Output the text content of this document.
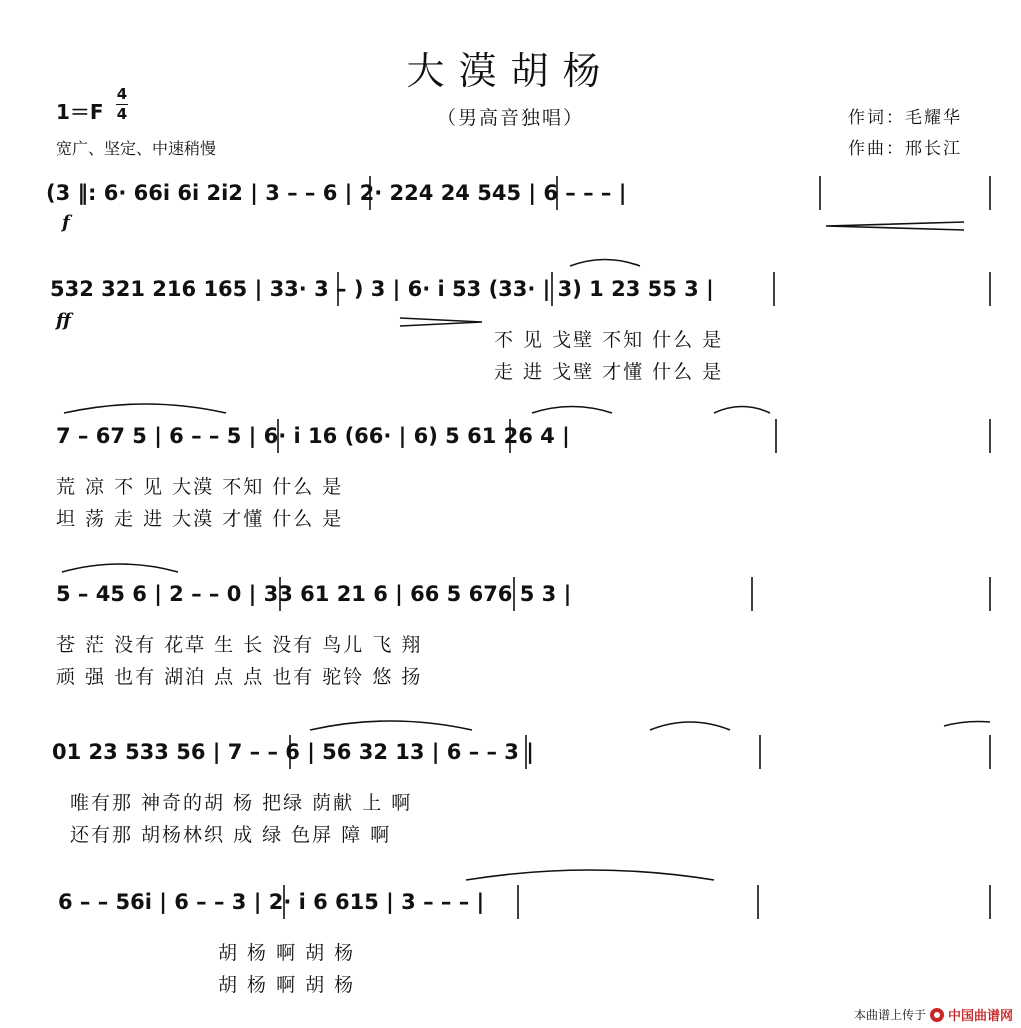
大漠胡杨
（男高音独唱）
1＝F
4
4
宽广、坚定、中速稍慢
作词：毛耀华
作曲：邢长江
f
ff
(3 ‖: 6· 66i 6i 2i2 | 3 – – 6 | 2· 224 24 545 | 6 – – – |
532 321 216 165 | 33· 3 – ) 3 | 6· i 53 (33· | 3) 1 23 55 3 |
7 – 67 5 | 6 – – 5 | 6· i 16 (66· | 6) 5 61 26 4 |
5 – 45 6 | 2 – – 0 | 33 61 21 6 | 66 5 676 5 3 |
01 23 533 56 | 7 – – 6 | 56 32 13 | 6 – – 3 |
6 – – 56i | 6 – – 3 | 2· i 6 615 | 3 – – – |
不 见 戈壁 不知 什么 是
走 进 戈壁 才懂 什么 是
荒 凉 不 见 大漠 不知 什么 是
坦 荡 走 进 大漠 才懂 什么 是
苍 茫 没有 花草 生 长 没有 鸟儿 飞 翔
顽 强 也有 湖泊 点 点 也有 驼铃 悠 扬
唯有那 神奇的胡 杨 把绿 荫献 上 啊
还有那 胡杨林织 成 绿 色屏 障 啊
胡 杨 啊 胡 杨
胡 杨 啊 胡 杨
本曲谱上传于 中国曲谱网
